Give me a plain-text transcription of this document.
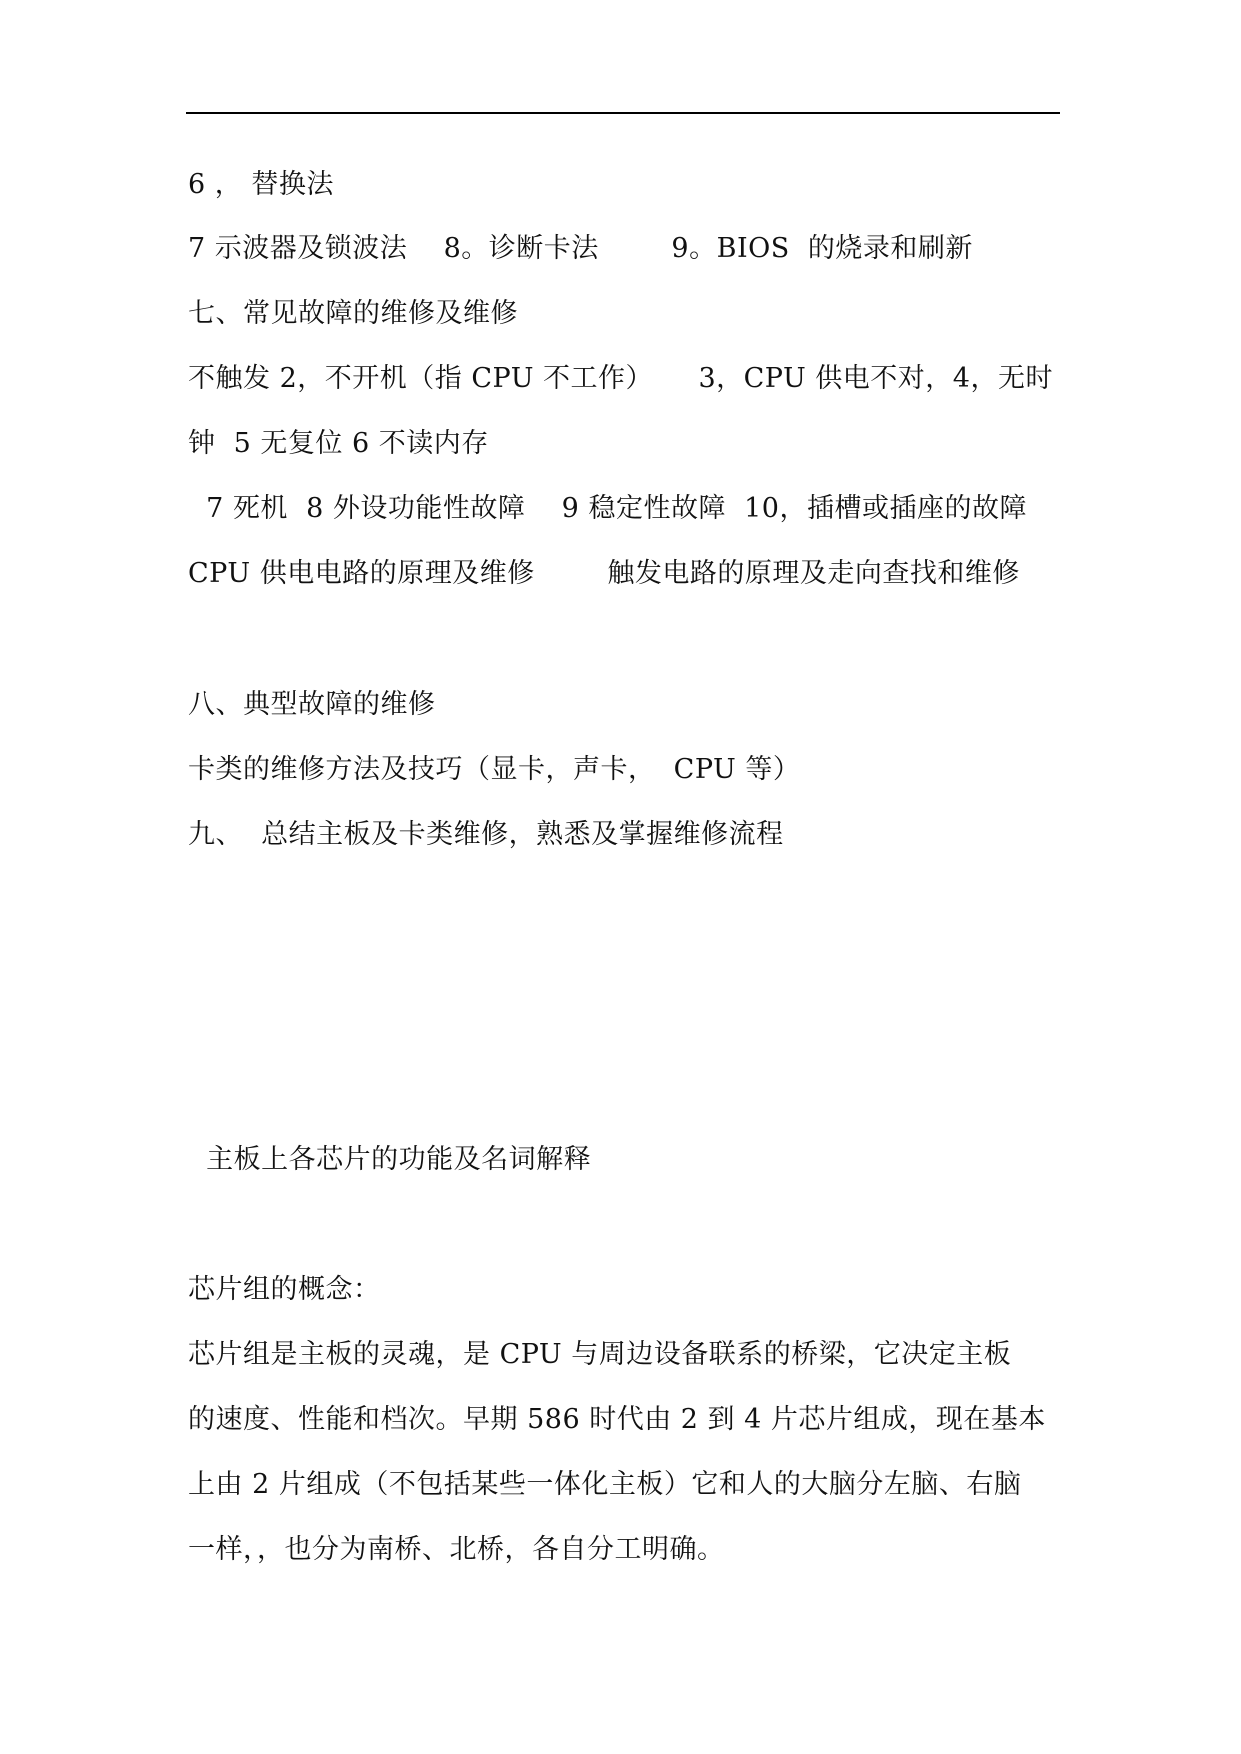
6 ， 替换法
7 示波器及锁波法    8。诊断卡法        9。BIOS  的烧录和刷新
七、常见故障的维修及维修
不触发 2，不开机（指 CPU 不工作）     3，CPU 供电不对，4，无时
钟  5 无复位 6 不读内存
7 死机  8 外设功能性故障    9 稳定性故障  10，插槽或插座的故障
CPU 供电电路的原理及维修        触发电路的原理及走向查找和维修
八、典型故障的维修
卡类的维修方法及技巧（显卡，声卡，  CPU 等）
九、  总结主板及卡类维修，熟悉及掌握维修流程
主板上各芯片的功能及名词解释
芯片组的概念：
芯片组是主板的灵魂，是 CPU 与周边设备联系的桥梁，它决定主板
的速度、性能和档次。早期 586 时代由 2 到 4 片芯片组成，现在基本
上由 2 片组成（不包括某些一体化主板）它和人的大脑分左脑、右脑
一样，，也分为南桥、北桥，各自分工明确。
